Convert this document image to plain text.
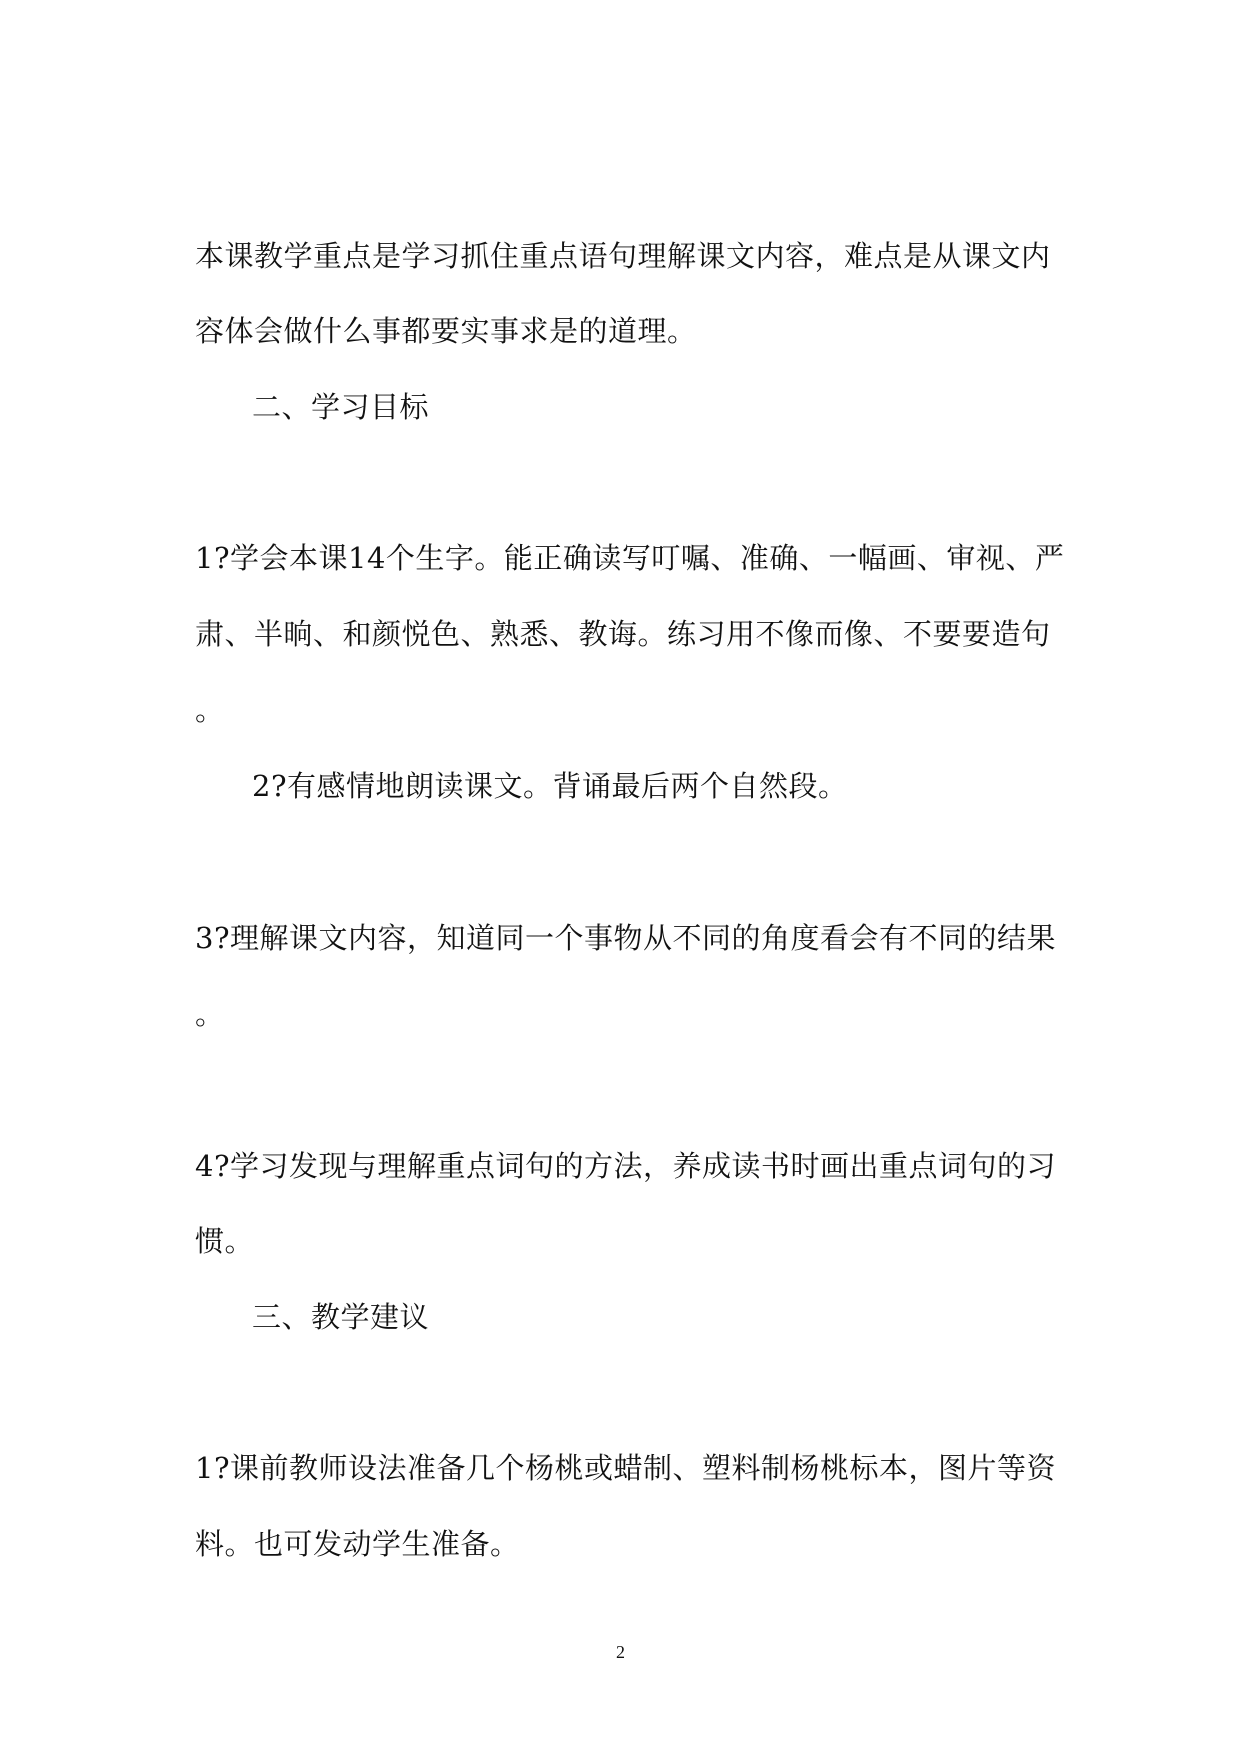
本课教学重点是学习抓住重点语句理解课文内容，难点是从课文内
容体会做什么事都要实事求是的道理。
二、学习目标
1?学会本课14个生字。能正确读写叮嘱、准确、一幅画、审视、严
肃、半晌、和颜悦色、熟悉、教诲。练习用不像而像、不要要造句
。
2?有感情地朗读课文。背诵最后两个自然段。
3?理解课文内容，知道同一个事物从不同的角度看会有不同的结果
。
4?学习发现与理解重点词句的方法，养成读书时画出重点词句的习
惯。
三、教学建议
1?课前教师设法准备几个杨桃或蜡制、塑料制杨桃标本，图片等资
料。也可发动学生准备。
2
